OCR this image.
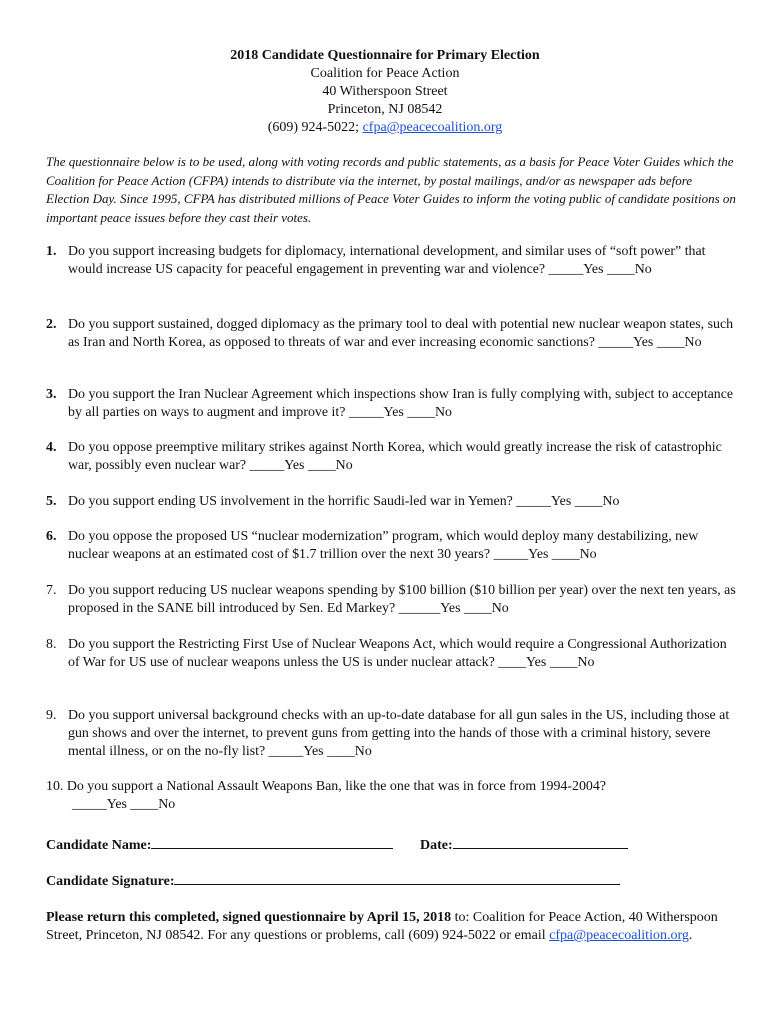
2018 Candidate Questionnaire for Primary Election
Coalition for Peace Action
40 Witherspoon Street
Princeton, NJ 08542
(609) 924-5022; cfpa@peacecoalition.org
The questionnaire below is to be used, along with voting records and public statements, as a basis for Peace Voter Guides which the Coalition for Peace Action (CFPA) intends to distribute via the internet, by postal mailings, and/or as newspaper ads before Election Day. Since 1995, CFPA has distributed millions of Peace Voter Guides to inform the voting public of candidate positions on important peace issues before they cast their votes.
1. Do you support increasing budgets for diplomacy, international development, and similar uses of “soft power” that would increase US capacity for peaceful engagement in preventing war and violence? _____Yes ____No
2. Do you support sustained, dogged diplomacy as the primary tool to deal with potential new nuclear weapon states, such as Iran and North Korea, as opposed to threats of war and ever increasing economic sanctions? _____Yes ____No
3. Do you support the Iran Nuclear Agreement which inspections show Iran is fully complying with, subject to acceptance by all parties on ways to augment and improve it? _____Yes ____No
4. Do you oppose preemptive military strikes against North Korea, which would greatly increase the risk of catastrophic war, possibly even nuclear war? _____Yes ____No
5. Do you support ending US involvement in the horrific Saudi-led war in Yemen? _____Yes ____No
6. Do you oppose the proposed US “nuclear modernization” program, which would deploy many destabilizing, new nuclear weapons at an estimated cost of $1.7 trillion over the next 30 years? _____Yes ____No
7. Do you support reducing US nuclear weapons spending by $100 billion ($10 billion per year) over the next ten years, as proposed in the SANE bill introduced by Sen. Ed Markey? ______Yes ____No
8. Do you support the Restricting First Use of Nuclear Weapons Act, which would require a Congressional Authorization of War for US use of nuclear weapons unless the US is under nuclear attack? ____Yes ____No
9. Do you support universal background checks with an up-to-date database for all gun sales in the US, including those at gun shows and over the internet, to prevent guns from getting into the hands of those with a criminal history, severe mental illness, or on the no-fly list? _____Yes ____No
10. Do you support a National Assault Weapons Ban, like the one that was in force from 1994-2004?
_____Yes ____No
Candidate Name:	Date:
Candidate Signature:
Please return this completed, signed questionnaire by April 15, 2018 to: Coalition for Peace Action, 40 Witherspoon Street, Princeton, NJ 08542. For any questions or problems, call (609) 924-5022 or email cfpa@peacecoalition.org.
